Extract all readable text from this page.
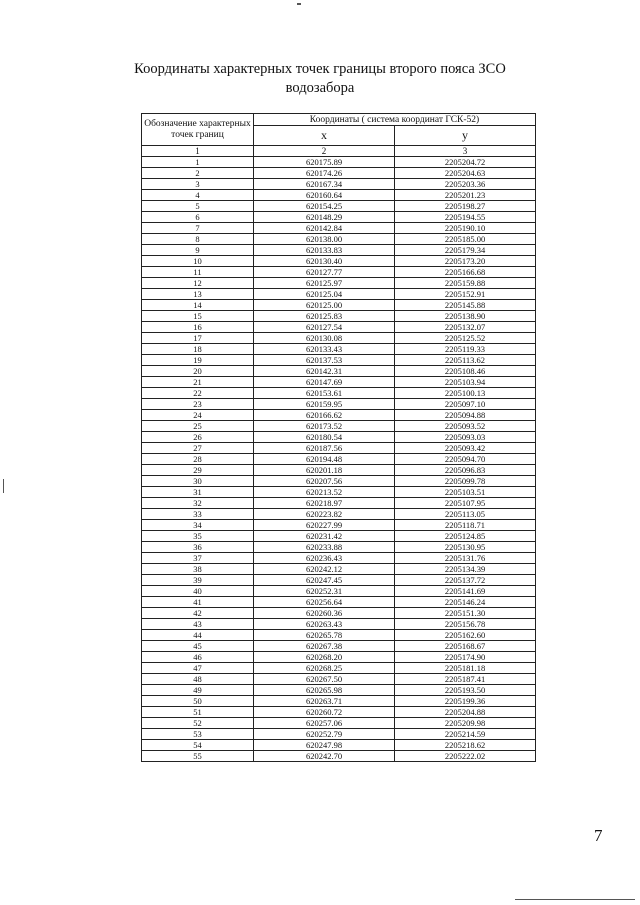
Координаты характерных точек границы второго пояса ЗСО
водозабора
Обозначение характерных точек границ	Координаты ( система координат ГСК-52)	
	х	у
1	2	3
1	620175.89	2205204.72
2	620174.26	2205204.63
3	620167.34	2205203.36
4	620160.64	2205201.23
5	620154.25	2205198.27
6	620148.29	2205194.55
7	620142.84	2205190.10
8	620138.00	2205185.00
9	620133.83	2205179.34
10	620130.40	2205173.20
11	620127.77	2205166.68
12	620125.97	2205159.88
13	620125.04	2205152.91
14	620125.00	2205145.88
15	620125.83	2205138.90
16	620127.54	2205132.07
17	620130.08	2205125.52
18	620133.43	2205119.33
19	620137.53	2205113.62
20	620142.31	2205108.46
21	620147.69	2205103.94
22	620153.61	2205100.13
23	620159.95	2205097.10
24	620166.62	2205094.88
25	620173.52	2205093.52
26	620180.54	2205093.03
27	620187.56	2205093.42
28	620194.48	2205094.70
29	620201.18	2205096.83
30	620207.56	2205099.78
31	620213.52	2205103.51
32	620218.97	2205107.95
33	620223.82	2205113.05
34	620227.99	2205118.71
35	620231.42	2205124.85
36	620233.88	2205130.95
37	620236.43	2205131.76
38	620242.12	2205134.39
39	620247.45	2205137.72
40	620252.31	2205141.69
41	620256.64	2205146.24
42	620260.36	2205151.30
43	620263.43	2205156.78
44	620265.78	2205162.60
45	620267.38	2205168.67
46	620268.20	2205174.90
47	620268.25	2205181.18
48	620267.50	2205187.41
49	620265.98	2205193.50
50	620263.71	2205199.36
51	620260.72	2205204.88
52	620257.06	2205209.98
53	620252.79	2205214.59
54	620247.98	2205218.62
55	620242.70	2205222.02
7
